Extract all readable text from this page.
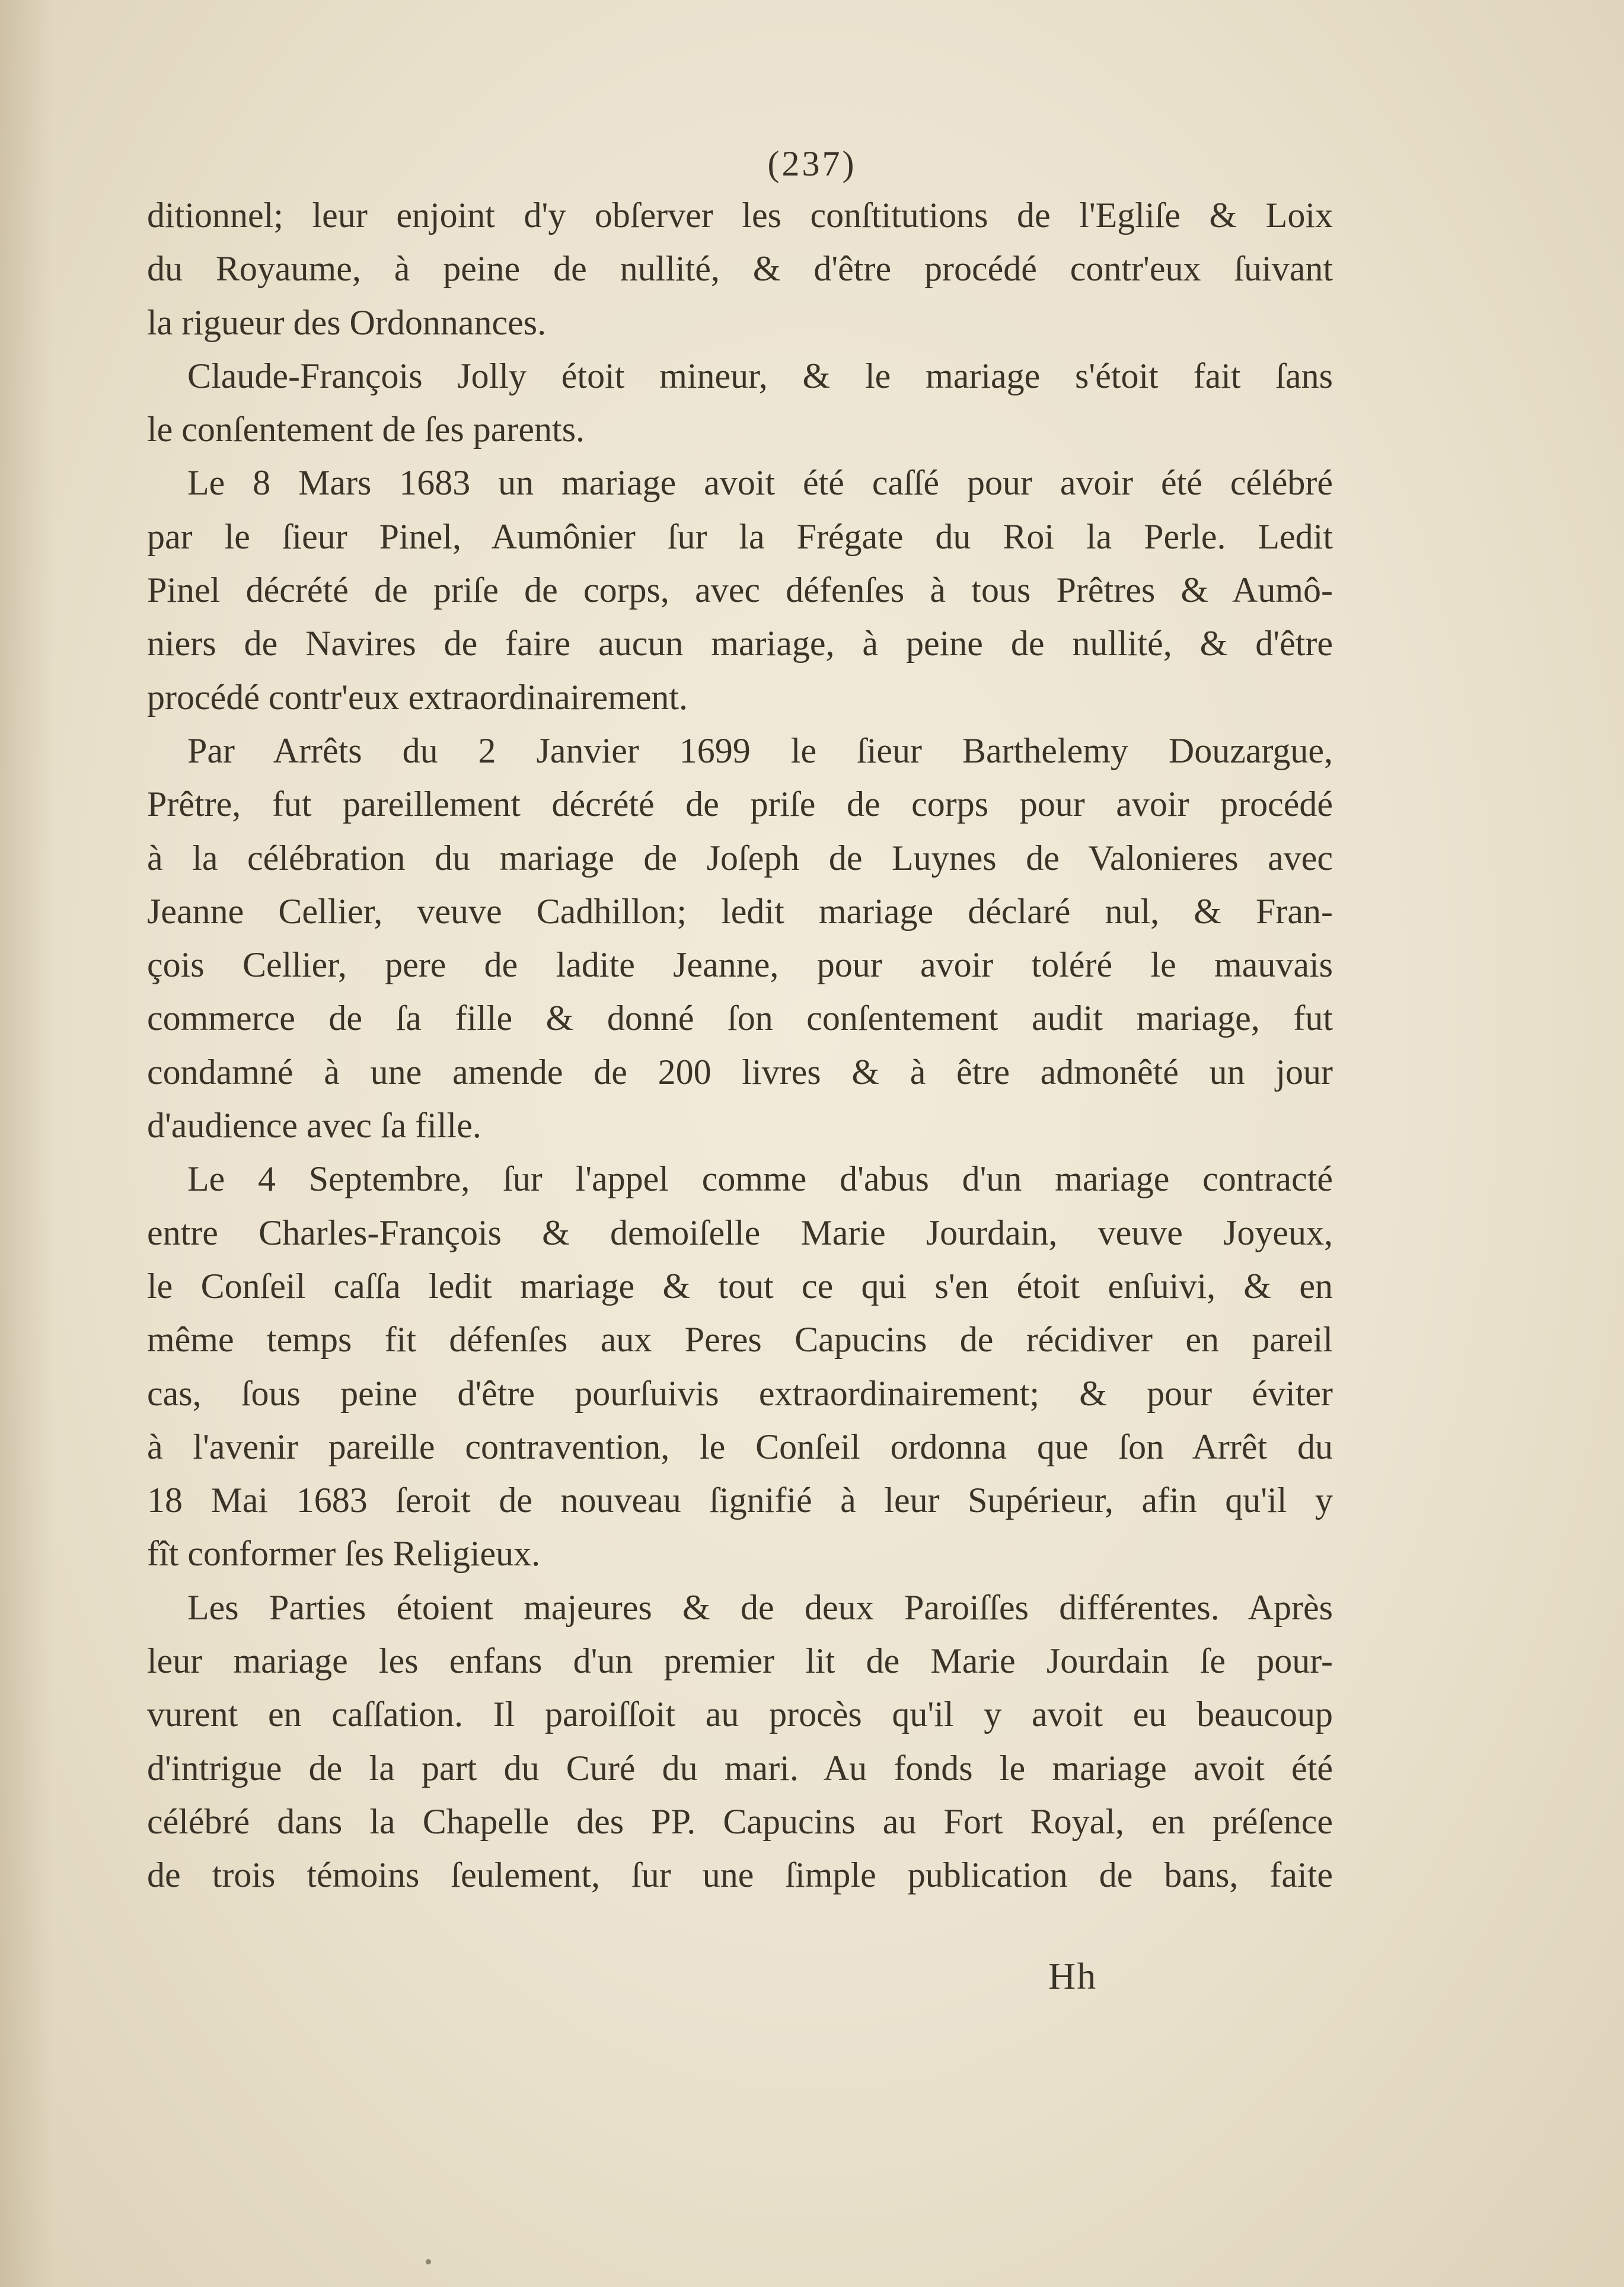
(237)
ditionnel; leur enjoint d'y obſerver les conſtitutions de l'Egliſe & Loix
du Royaume, à peine de nullité, & d'être procédé contr'eux ſuivant
la rigueur des Ordonnances.
Claude-François Jolly étoit mineur, & le mariage s'étoit fait ſans
le conſentement de ſes parents.
Le 8 Mars 1683 un mariage avoit été caſſé pour avoir été célébré
par le ſieur Pinel, Aumônier ſur la Frégate du Roi la Perle. Ledit
Pinel décrété de priſe de corps, avec défenſes à tous Prêtres & Aumô-
niers de Navires de faire aucun mariage, à peine de nullité, & d'être
procédé contr'eux extraordinairement.
Par Arrêts du 2 Janvier 1699 le ſieur Barthelemy Douzargue,
Prêtre, fut pareillement décrété de priſe de corps pour avoir procédé
à la célébration du mariage de Joſeph de Luynes de Valonieres avec
Jeanne Cellier, veuve Cadhillon; ledit mariage déclaré nul, & Fran-
çois Cellier, pere de ladite Jeanne, pour avoir toléré le mauvais
commerce de ſa fille & donné ſon conſentement audit mariage, fut
condamné à une amende de 200 livres & à être admonêté un jour
d'audience avec ſa fille.
Le 4 Septembre, ſur l'appel comme d'abus d'un mariage contracté
entre Charles-François & demoiſelle Marie Jourdain, veuve Joyeux,
le Conſeil caſſa ledit mariage & tout ce qui s'en étoit enſuivi, & en
même temps fit défenſes aux Peres Capucins de récidiver en pareil
cas, ſous peine d'être pourſuivis extraordinairement; & pour éviter
à l'avenir pareille contravention, le Conſeil ordonna que ſon Arrêt du
18 Mai 1683 ſeroit de nouveau ſignifié à leur Supérieur, afin qu'il y
fît conformer ſes Religieux.
Les Parties étoient majeures & de deux Paroiſſes différentes. Après
leur mariage les enfans d'un premier lit de Marie Jourdain ſe pour-
vurent en caſſation. Il paroiſſoit au procès qu'il y avoit eu beaucoup
d'intrigue de la part du Curé du mari. Au fonds le mariage avoit été
célébré dans la Chapelle des PP. Capucins au Fort Royal, en préſence
de trois témoins ſeulement, ſur une ſimple publication de bans, faite
Hh
